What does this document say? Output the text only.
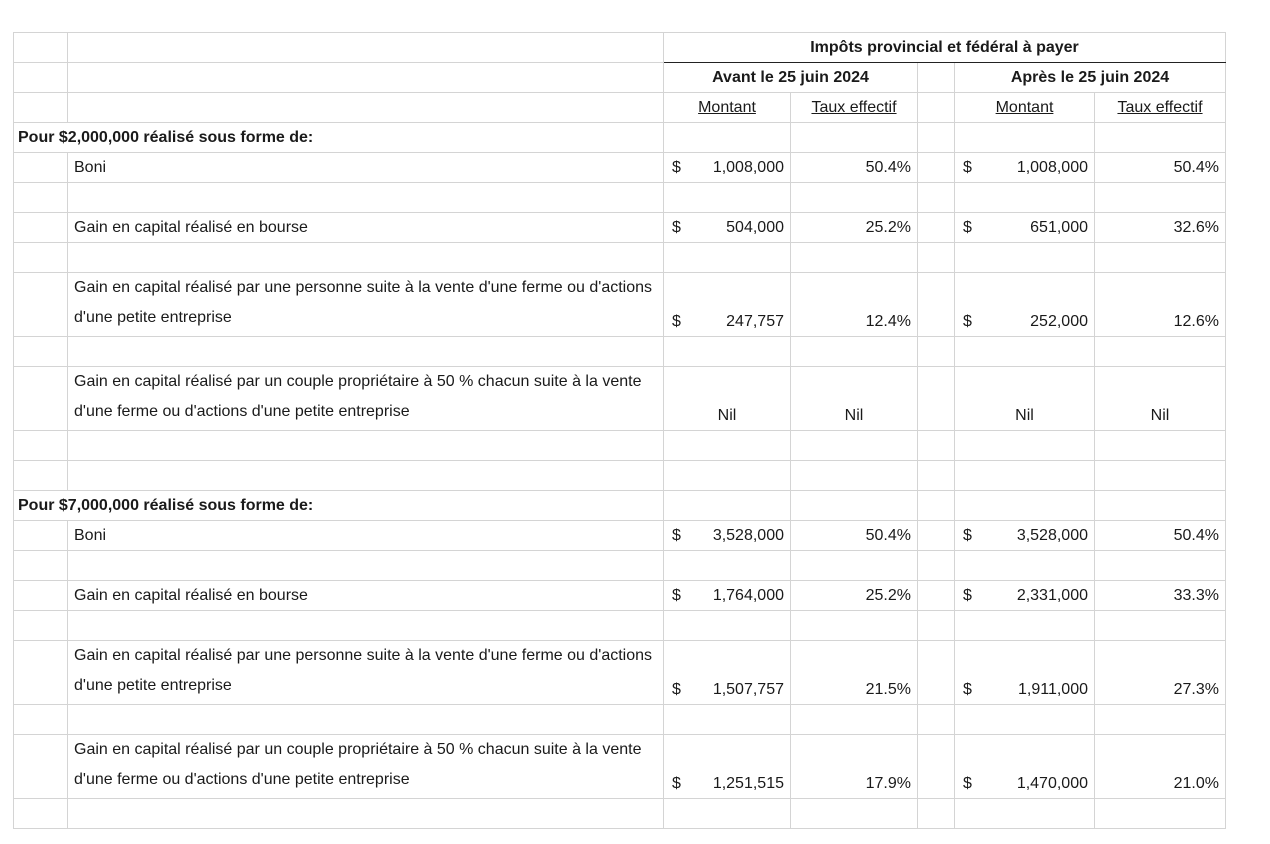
		Impôts provincial et fédéral à payer				
		Avant le 25 juin 2024			Après le 25 juin 2024	
		Montant	Taux effectif		Montant	Taux effectif
Pour $2,000,000 réalisé sous forme de:						
	Boni	$ 1,008,000	50.4%		$ 1,008,000	50.4%

	Gain en capital réalisé en bourse	$ 504,000	25.2%		$ 651,000	32.6%

	Gain en capital réalisé par une personne suite à la vente d'une ferme ou d'actions d'une petite entreprise	$ 247,757	12.4%		$ 252,000	12.6%

	Gain en capital réalisé par un couple propriétaire à 50 % chacun suite à la vente d'une ferme ou d'actions d'une petite entreprise	Nil	Nil		Nil	Nil

Pour $7,000,000 réalisé sous forme de:						
	Boni	$ 3,528,000	50.4%		$ 3,528,000	50.4%

	Gain en capital réalisé en bourse	$ 1,764,000	25.2%		$ 2,331,000	33.3%

	Gain en capital réalisé par une personne suite à la vente d'une ferme ou d'actions d'une petite entreprise	$ 1,507,757	21.5%		$ 1,911,000	27.3%

	Gain en capital réalisé par un couple propriétaire à 50 % chacun suite à la vente d'une ferme ou d'actions d'une petite entreprise	$ 1,251,515	17.9%		$ 1,470,000	21.0%
